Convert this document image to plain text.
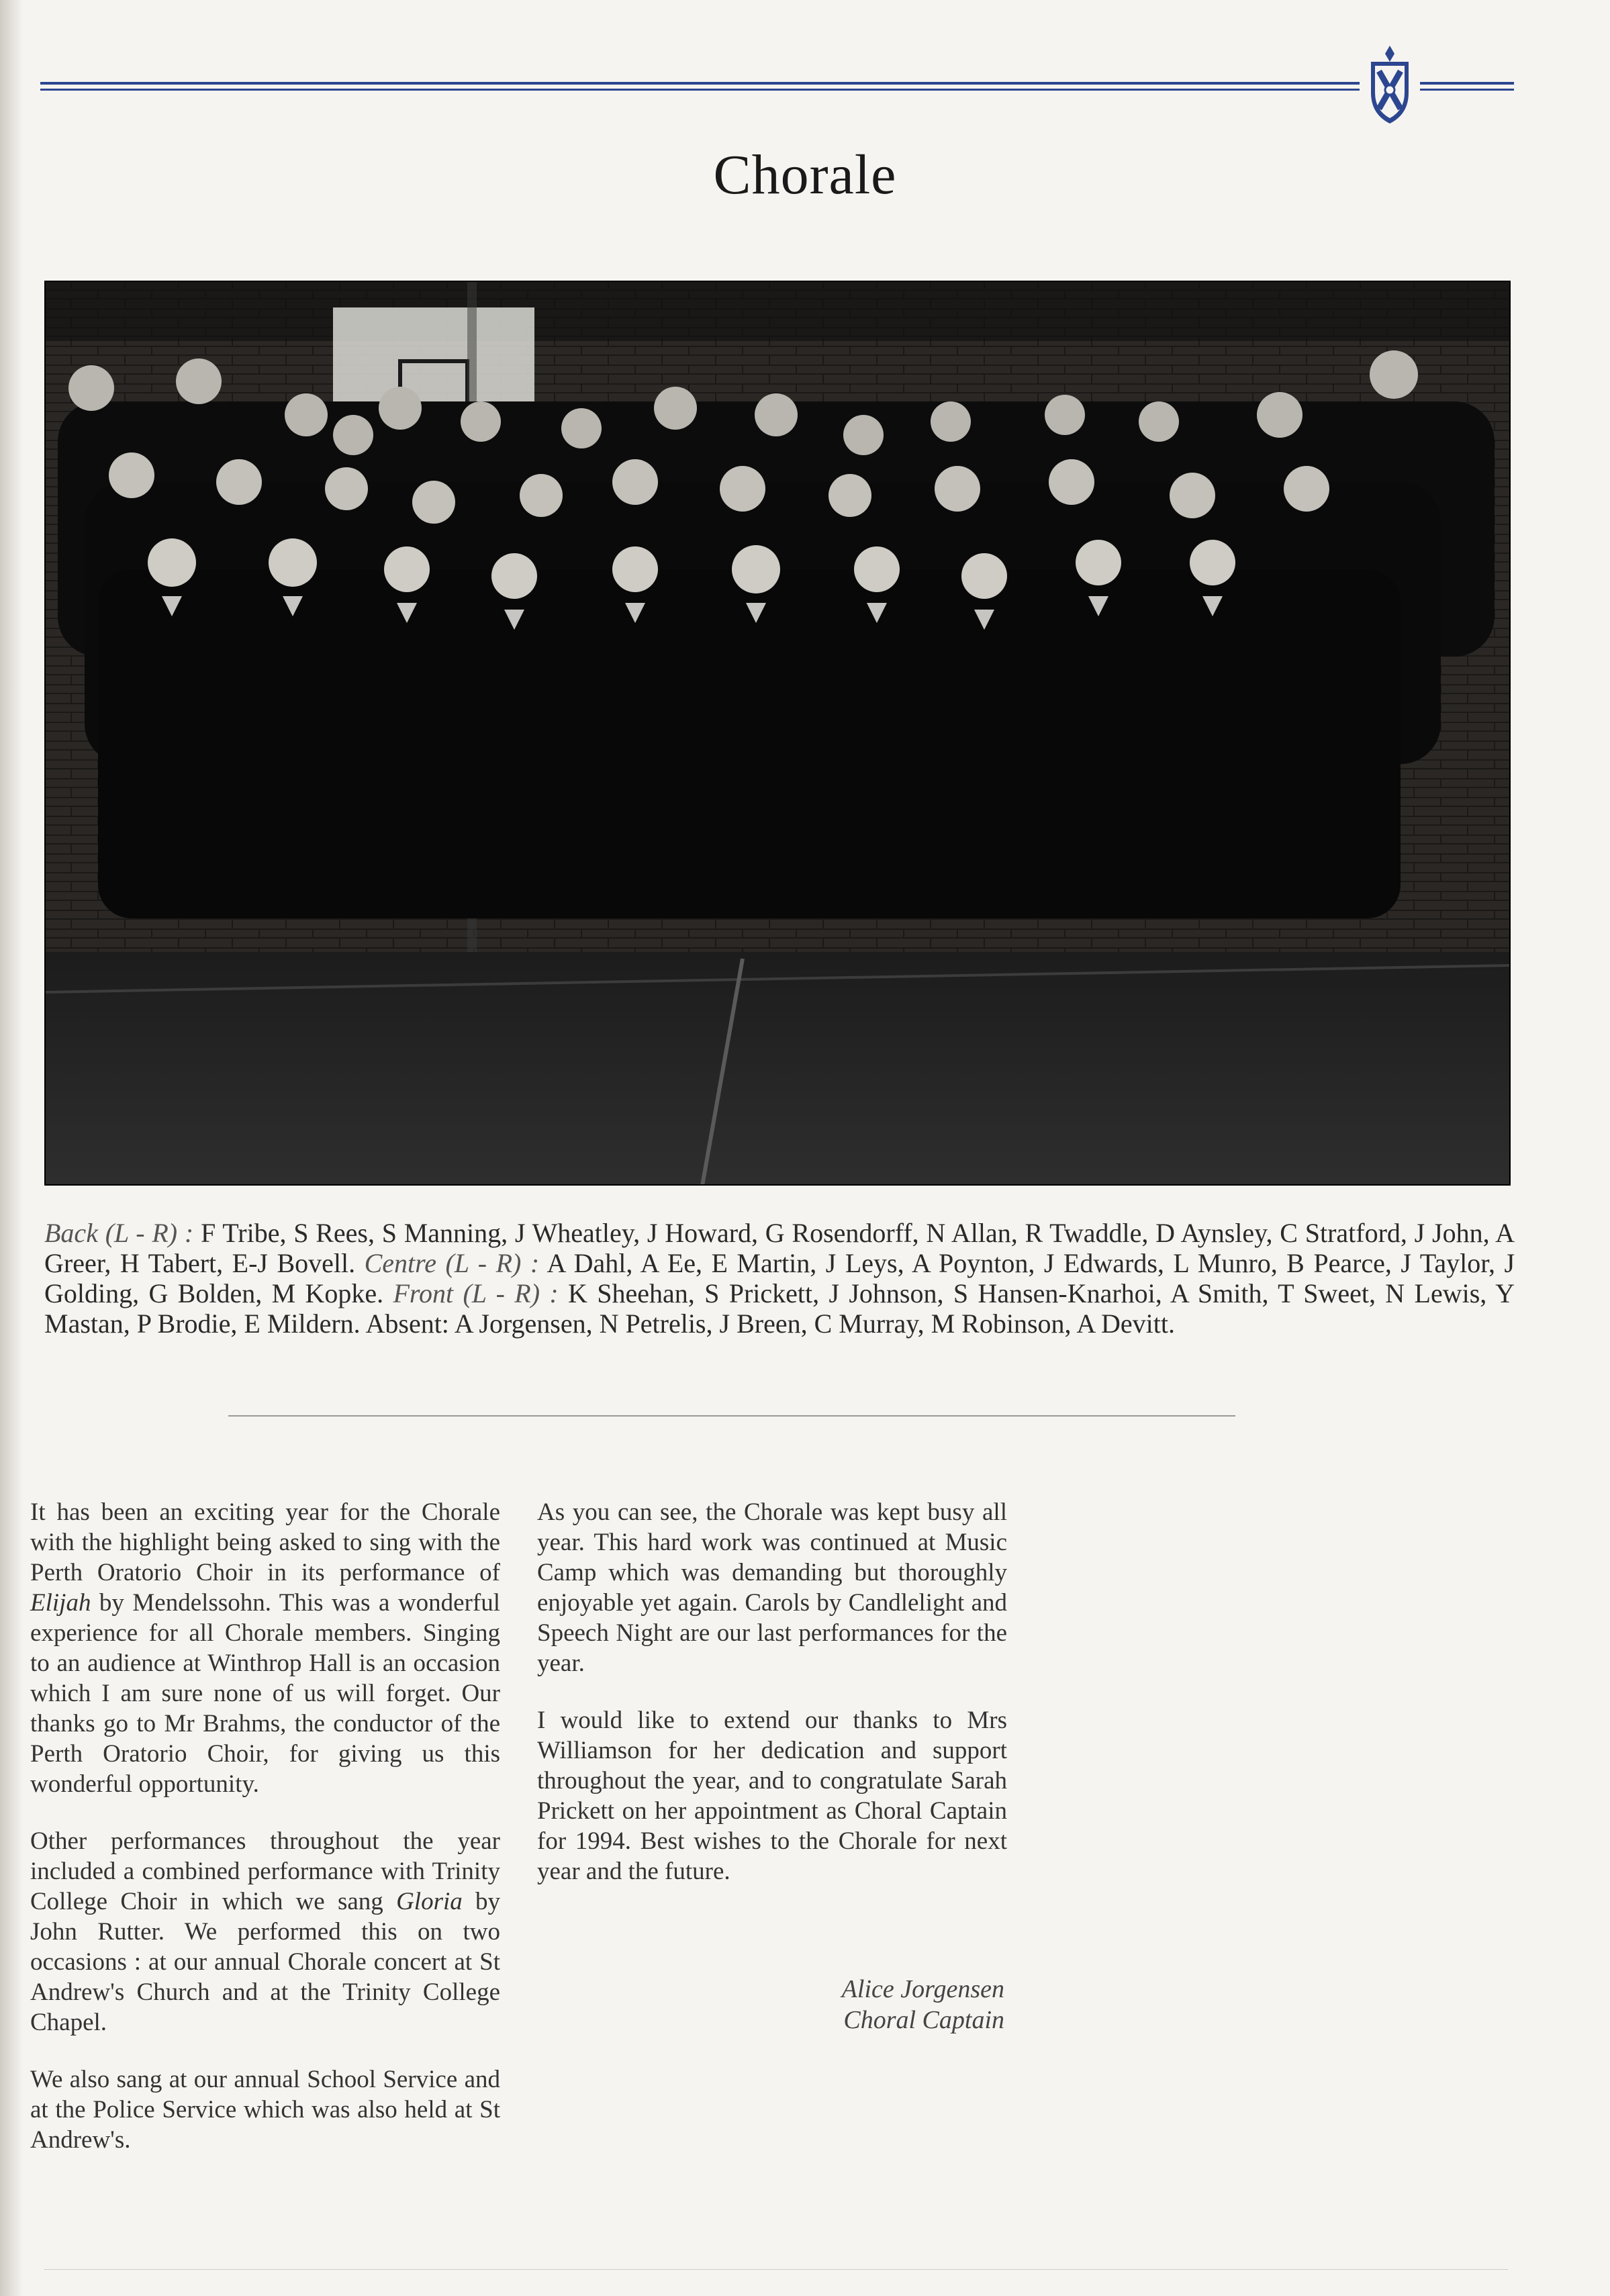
Chorale
Back (L - R) : F Tribe, S Rees, S Manning, J Wheatley, J Howard, G Rosendorff, N Allan, R Twaddle, D Aynsley, C Stratford, J John, A Greer, H Tabert, E-J Bovell. Centre (L - R) : A Dahl, A Ee, E Martin, J Leys, A Poynton, J Edwards, L Munro, B Pearce, J Taylor, J Golding, G Bolden, M Kopke. Front (L - R) : K Sheehan, S Prickett, J Johnson, S Hansen-Knarhoi, A Smith, T Sweet, N Lewis, Y Mastan, P Brodie, E Mildern. Absent: A Jorgensen, N Petrelis, J Breen, C Murray, M Robinson, A Devitt.

It has been an exciting year for the Chorale with the highlight being asked to sing with the Perth Oratorio Choir in its performance of Elijah by Mendelssohn. This was a wonderful experience for all Chorale members. Singing to an audience at Winthrop Hall is an occasion which I am sure none of us will forget. Our thanks go to Mr Brahms, the conductor of the Perth Oratorio Choir, for giving us this wonderful opportunity.

Other performances throughout the year included a combined performance with Trinity College Choir in which we sang Gloria by John Rutter. We performed this on two occasions : at our annual Chorale concert at St Andrew's Church and at the Trinity College Chapel.

We also sang at our annual School Service and at the Police Service which was also held at St Andrew's.

As you can see, the Chorale was kept busy all year. This hard work was continued at Music Camp which was demanding but thoroughly enjoyable yet again. Carols by Candlelight and Speech Night are our last performances for the year.

I would like to extend our thanks to Mrs Williamson for her dedication and support throughout the year, and to congratulate Sarah Prickett on her appointment as Choral Captain for 1994. Best wishes to the Chorale for next year and the future.

Alice Jorgensen
Choral Captain
